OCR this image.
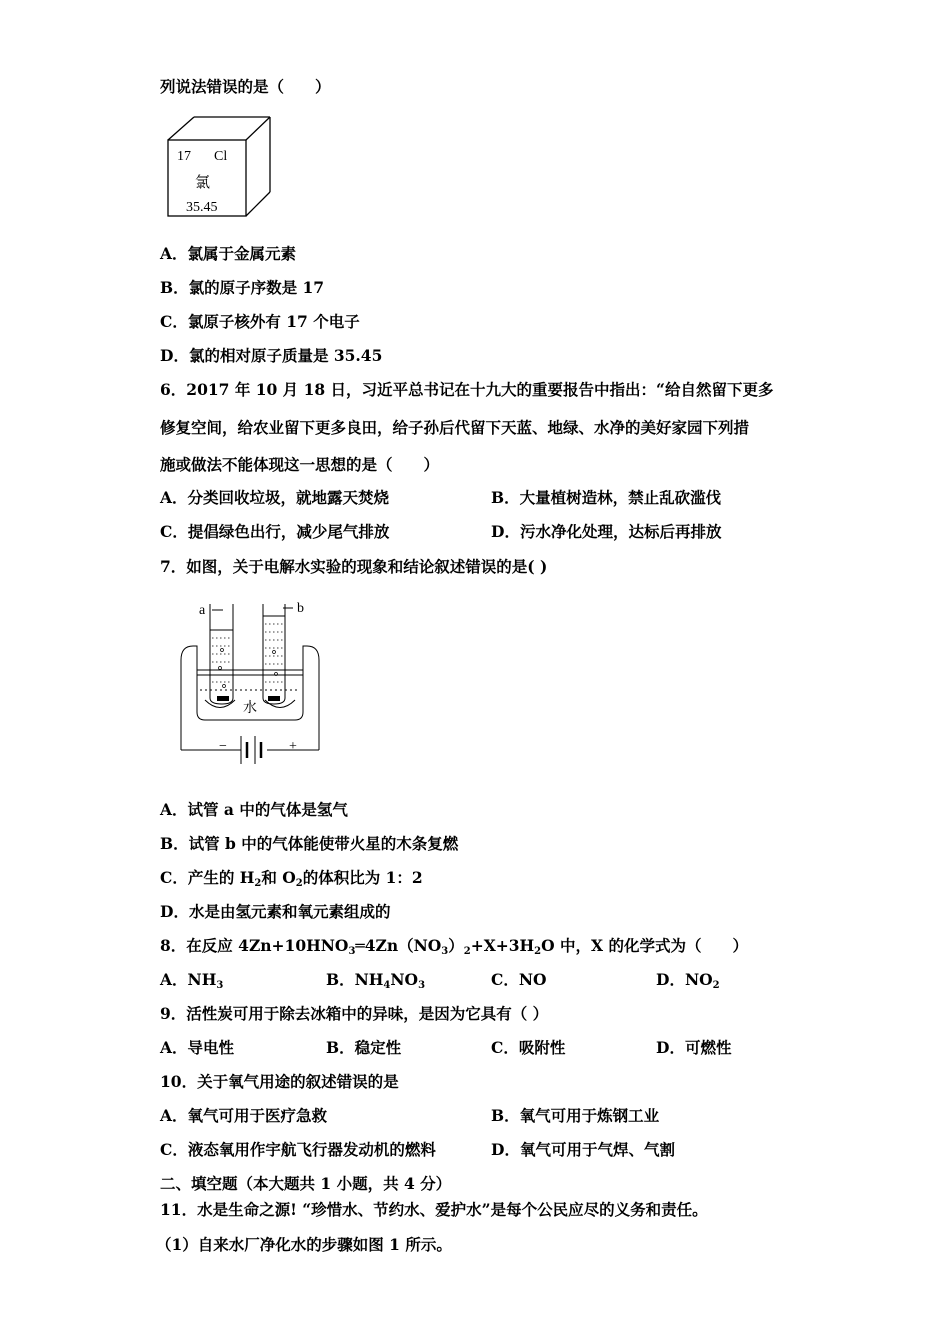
列说法错误的是（　　）
17 Cl
氯
35.45
A．氯属于金属元素
B．氯的原子序数是 17
C．氯原子核外有 17 个电子
D．氯的相对原子质量是 35.45
6．2017 年 10 月 18 日，习近平总书记在十九大的重要报告中指出：“给自然留下更多
修复空间，给农业留下更多良田，给子孙后代留下天蓝、地绿、水净的美好家园下列措
施或做法不能体现这一思想的是（　　）
A．分类回收垃圾，就地露天焚烧	B．大量植树造林，禁止乱砍滥伐
C．提倡绿色出行，减少尾气排放	D．污水净化处理，达标后再排放
7．如图，关于电解水实验的现象和结论叙述错误的是( )
a	b
水
−	+
A．试管 a 中的气体是氢气
B．试管 b 中的气体能使带火星的木条复燃
C．产生的 $H_2$和 $O_2$的体积比为 1：2
D．水是由氢元素和氧元素组成的
8．在反应 $4Zn+10HNO_3═4Zn(NO_3)_2+X+3H_2O$ 中，X 的化学式为（　　）
A．$NH_3$	B．$NH_4NO_3$	C．NO	D．$NO_2$
9．活性炭可用于除去冰箱中的异味，是因为它具有（ ）
A．导电性	B．稳定性	C．吸附性	D．可燃性
10．关于氧气用途的叙述错误的是
A．氧气可用于医疗急救	B．氧气可用于炼钢工业
C．液态氧用作宇航飞行器发动机的燃料	D．氧气可用于气焊、气割
二、填空题（本大题共 1 小题，共 4 分）
11．水是生命之源! “珍惜水、节约水、爱护水”是每个公民应尽的义务和责任。
（1）自来水厂净化水的步骤如图 1 所示。
